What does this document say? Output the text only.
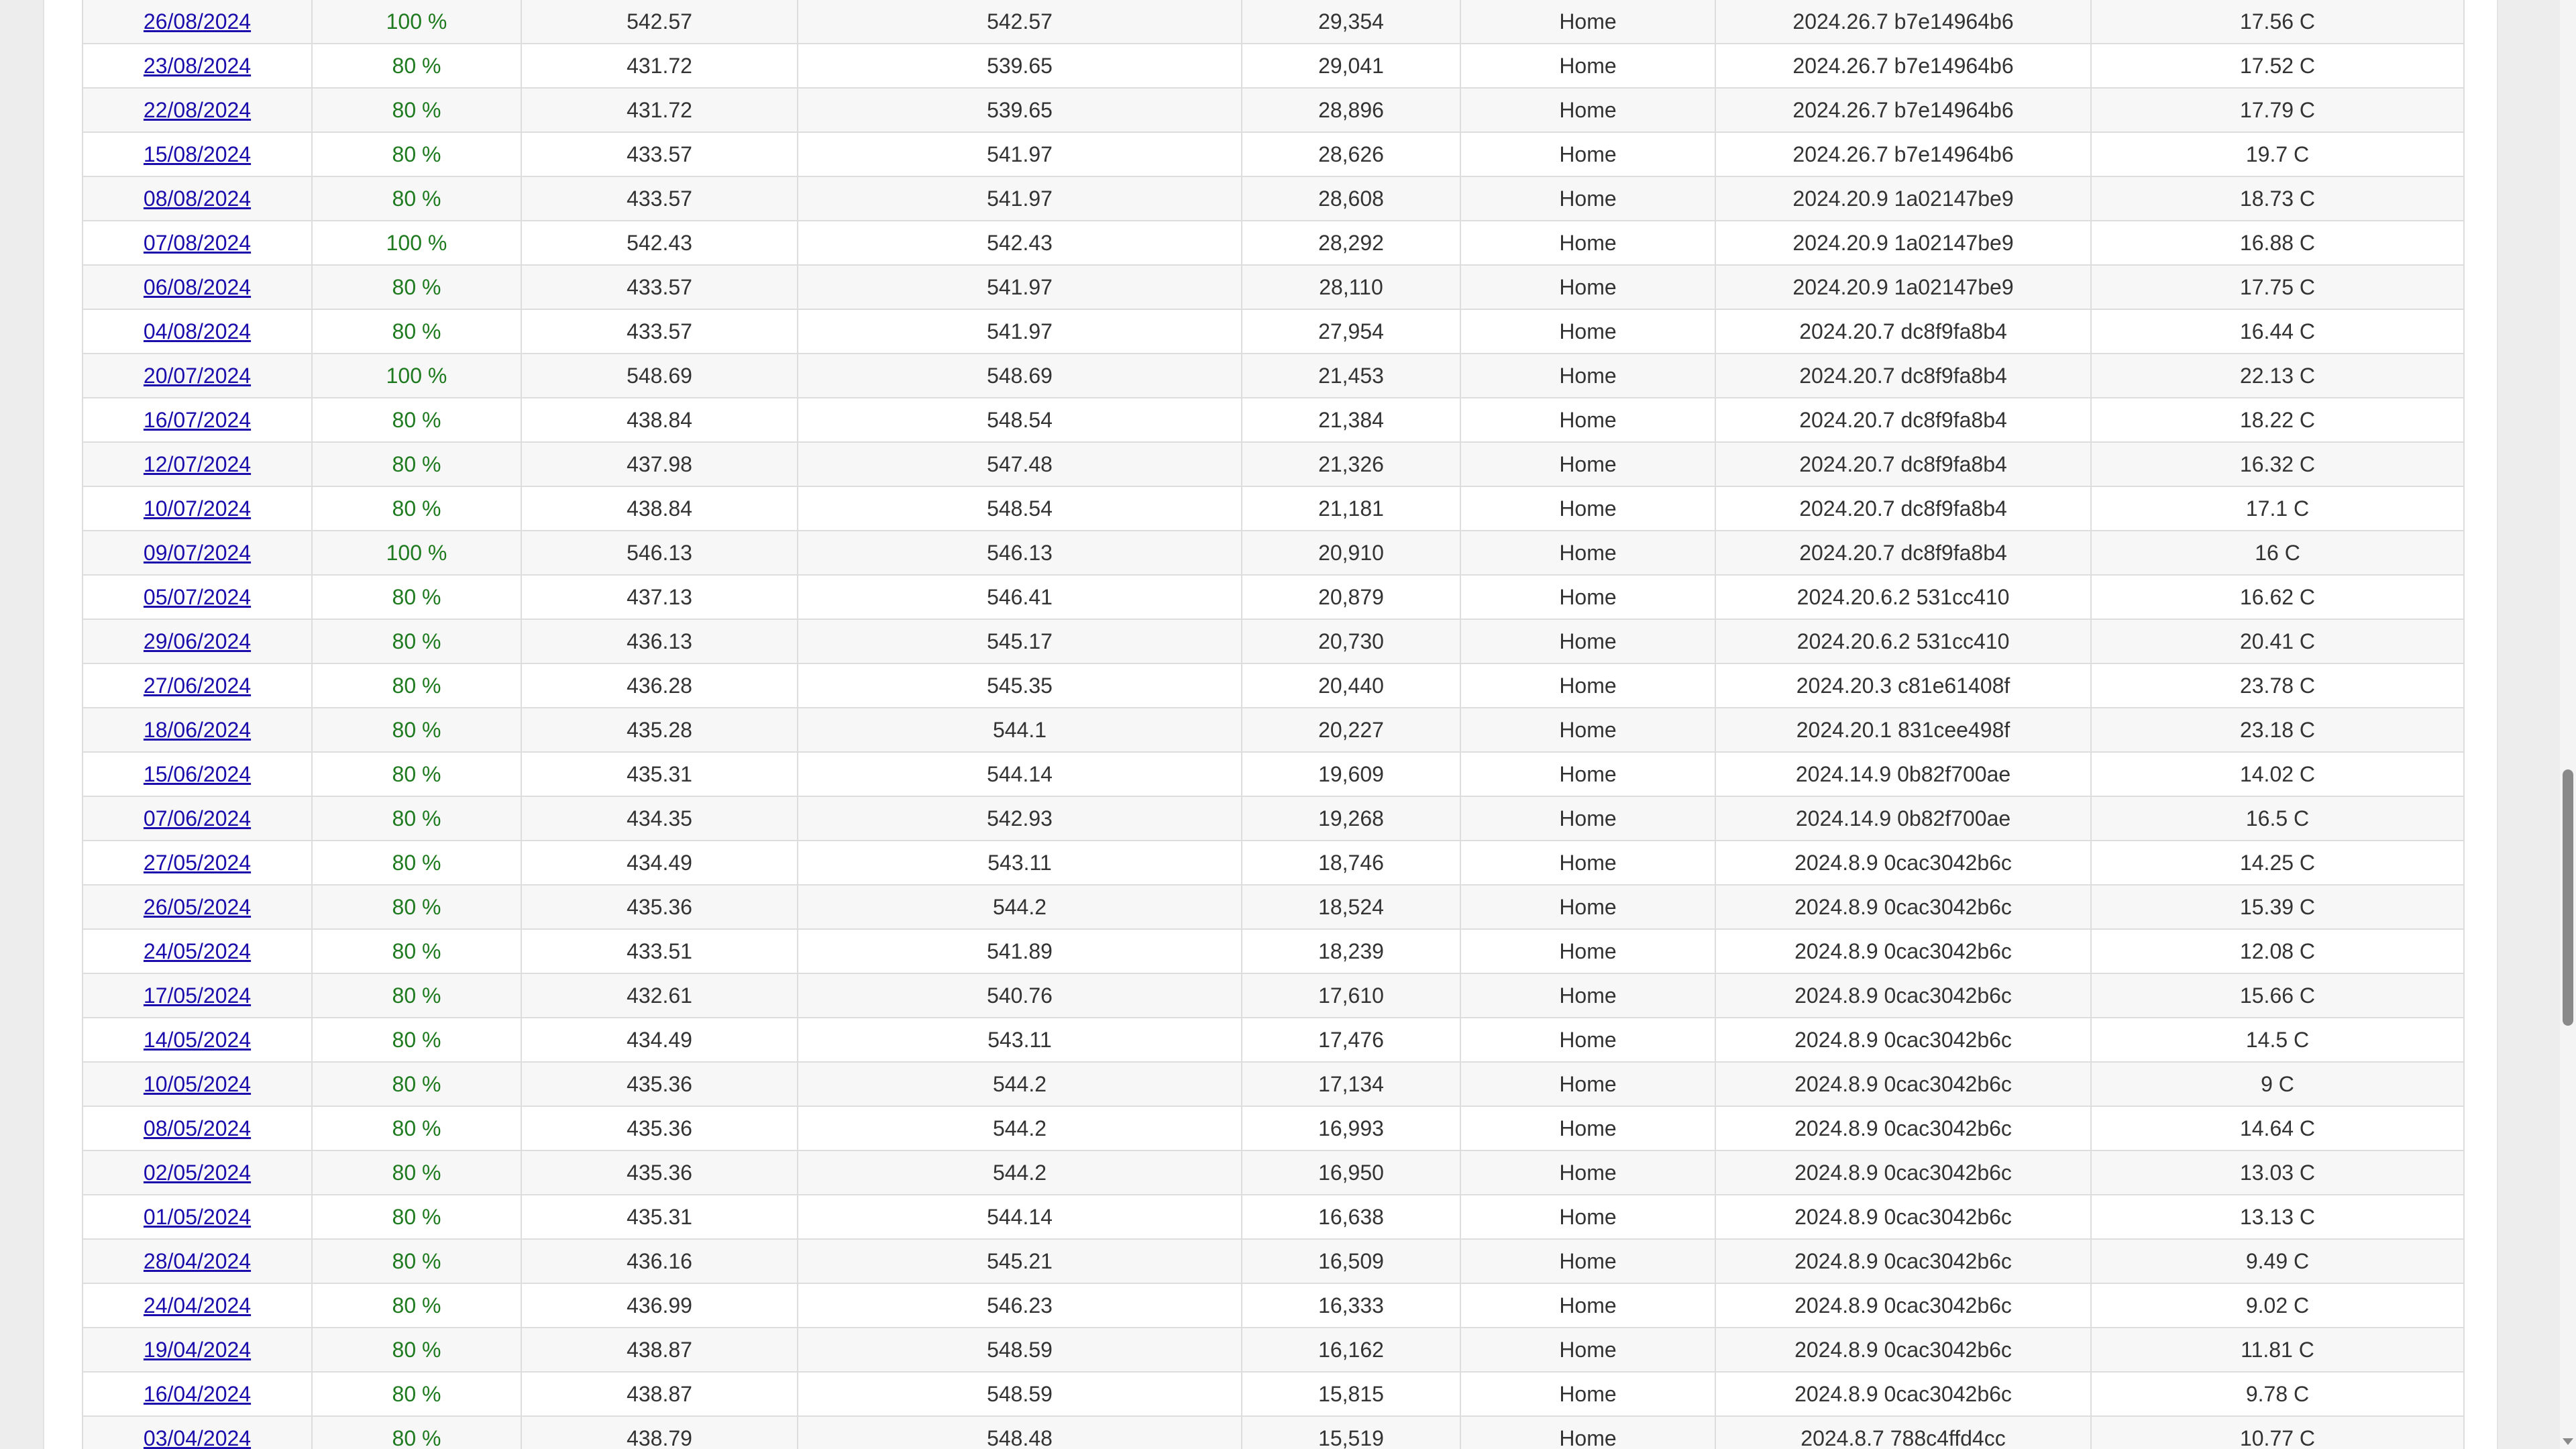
26/08/2024	100 %	542.57	542.57	29,354	Home	2024.26.7 b7e14964b6	17.56 C
23/08/2024	80 %	431.72	539.65	29,041	Home	2024.26.7 b7e14964b6	17.52 C
22/08/2024	80 %	431.72	539.65	28,896	Home	2024.26.7 b7e14964b6	17.79 C
15/08/2024	80 %	433.57	541.97	28,626	Home	2024.26.7 b7e14964b6	19.7 C
08/08/2024	80 %	433.57	541.97	28,608	Home	2024.20.9 1a02147be9	18.73 C
07/08/2024	100 %	542.43	542.43	28,292	Home	2024.20.9 1a02147be9	16.88 C
06/08/2024	80 %	433.57	541.97	28,110	Home	2024.20.9 1a02147be9	17.75 C
04/08/2024	80 %	433.57	541.97	27,954	Home	2024.20.7 dc8f9fa8b4	16.44 C
20/07/2024	100 %	548.69	548.69	21,453	Home	2024.20.7 dc8f9fa8b4	22.13 C
16/07/2024	80 %	438.84	548.54	21,384	Home	2024.20.7 dc8f9fa8b4	18.22 C
12/07/2024	80 %	437.98	547.48	21,326	Home	2024.20.7 dc8f9fa8b4	16.32 C
10/07/2024	80 %	438.84	548.54	21,181	Home	2024.20.7 dc8f9fa8b4	17.1 C
09/07/2024	100 %	546.13	546.13	20,910	Home	2024.20.7 dc8f9fa8b4	16 C
05/07/2024	80 %	437.13	546.41	20,879	Home	2024.20.6.2 531cc410	16.62 C
29/06/2024	80 %	436.13	545.17	20,730	Home	2024.20.6.2 531cc410	20.41 C
27/06/2024	80 %	436.28	545.35	20,440	Home	2024.20.3 c81e61408f	23.78 C
18/06/2024	80 %	435.28	544.1	20,227	Home	2024.20.1 831cee498f	23.18 C
15/06/2024	80 %	435.31	544.14	19,609	Home	2024.14.9 0b82f700ae	14.02 C
07/06/2024	80 %	434.35	542.93	19,268	Home	2024.14.9 0b82f700ae	16.5 C
27/05/2024	80 %	434.49	543.11	18,746	Home	2024.8.9 0cac3042b6c	14.25 C
26/05/2024	80 %	435.36	544.2	18,524	Home	2024.8.9 0cac3042b6c	15.39 C
24/05/2024	80 %	433.51	541.89	18,239	Home	2024.8.9 0cac3042b6c	12.08 C
17/05/2024	80 %	432.61	540.76	17,610	Home	2024.8.9 0cac3042b6c	15.66 C
14/05/2024	80 %	434.49	543.11	17,476	Home	2024.8.9 0cac3042b6c	14.5 C
10/05/2024	80 %	435.36	544.2	17,134	Home	2024.8.9 0cac3042b6c	9 C
08/05/2024	80 %	435.36	544.2	16,993	Home	2024.8.9 0cac3042b6c	14.64 C
02/05/2024	80 %	435.36	544.2	16,950	Home	2024.8.9 0cac3042b6c	13.03 C
01/05/2024	80 %	435.31	544.14	16,638	Home	2024.8.9 0cac3042b6c	13.13 C
28/04/2024	80 %	436.16	545.21	16,509	Home	2024.8.9 0cac3042b6c	9.49 C
24/04/2024	80 %	436.99	546.23	16,333	Home	2024.8.9 0cac3042b6c	9.02 C
19/04/2024	80 %	438.87	548.59	16,162	Home	2024.8.9 0cac3042b6c	11.81 C
16/04/2024	80 %	438.87	548.59	15,815	Home	2024.8.9 0cac3042b6c	9.78 C
03/04/2024	80 %	438.79	548.48	15,519	Home	2024.8.7 788c4ffd4cc	10.77 C
